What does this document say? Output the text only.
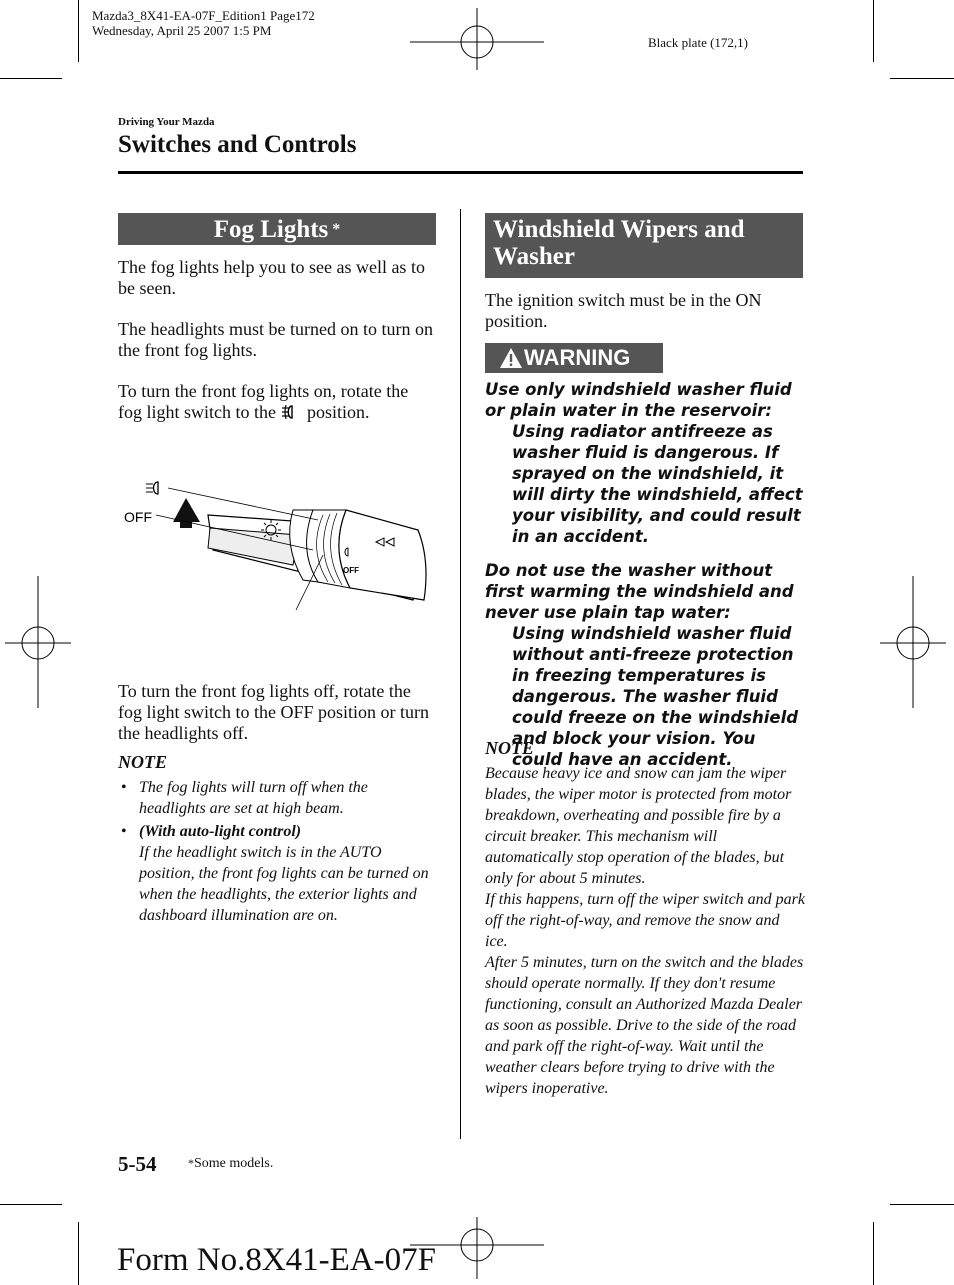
Mazda3_8X41-EA-07F_Edition1 Page172
Wednesday, April 25 2007 1:5 PM
Black plate (172,1)
Driving Your Mazda
Switches and Controls
Fog Lights *

The fog lights help you to see as well as to be seen.

The headlights must be turned on to turn on the front fog lights.

To turn the front fog lights on, rotate the fog light switch to the position.

OFF
OFF
To turn the front fog lights off, rotate the fog light switch to the OFF position or turn the headlights off.
NOTE
• The fog lights will turn off when the headlights are set at high beam.
• (With auto-light control)
If the headlight switch is in the AUTO position, the front fog lights can be turned on when the headlights, the exterior lights and dashboard illumination are on.
Windshield Wipers and Washer
The ignition switch must be in the ON position.
WARNING
Use only windshield washer fluid or plain water in the reservoir:
Using radiator antifreeze as washer fluid is dangerous. If sprayed on the windshield, it will dirty the windshield, affect your visibility, and could result in an accident.
Do not use the washer without first warming the windshield and never use plain tap water:
Using windshield washer fluid without anti-freeze protection in freezing temperatures is dangerous. The washer fluid could freeze on the windshield and block your vision. You could have an accident.
NOTE
Because heavy ice and snow can jam the wiper blades, the wiper motor is protected from motor breakdown, overheating and possible fire by a circuit breaker. This mechanism will automatically stop operation of the blades, but only for about 5 minutes.
If this happens, turn off the wiper switch and park off the right-of-way, and remove the snow and ice.
After 5 minutes, turn on the switch and the blades should operate normally. If they don't resume functioning, consult an Authorized Mazda Dealer as soon as possible. Drive to the side of the road and park off the right-of-way. Wait until the weather clears before trying to drive with the wipers inoperative.
5-54	*Some models.
Form No.8X41-EA-07F
